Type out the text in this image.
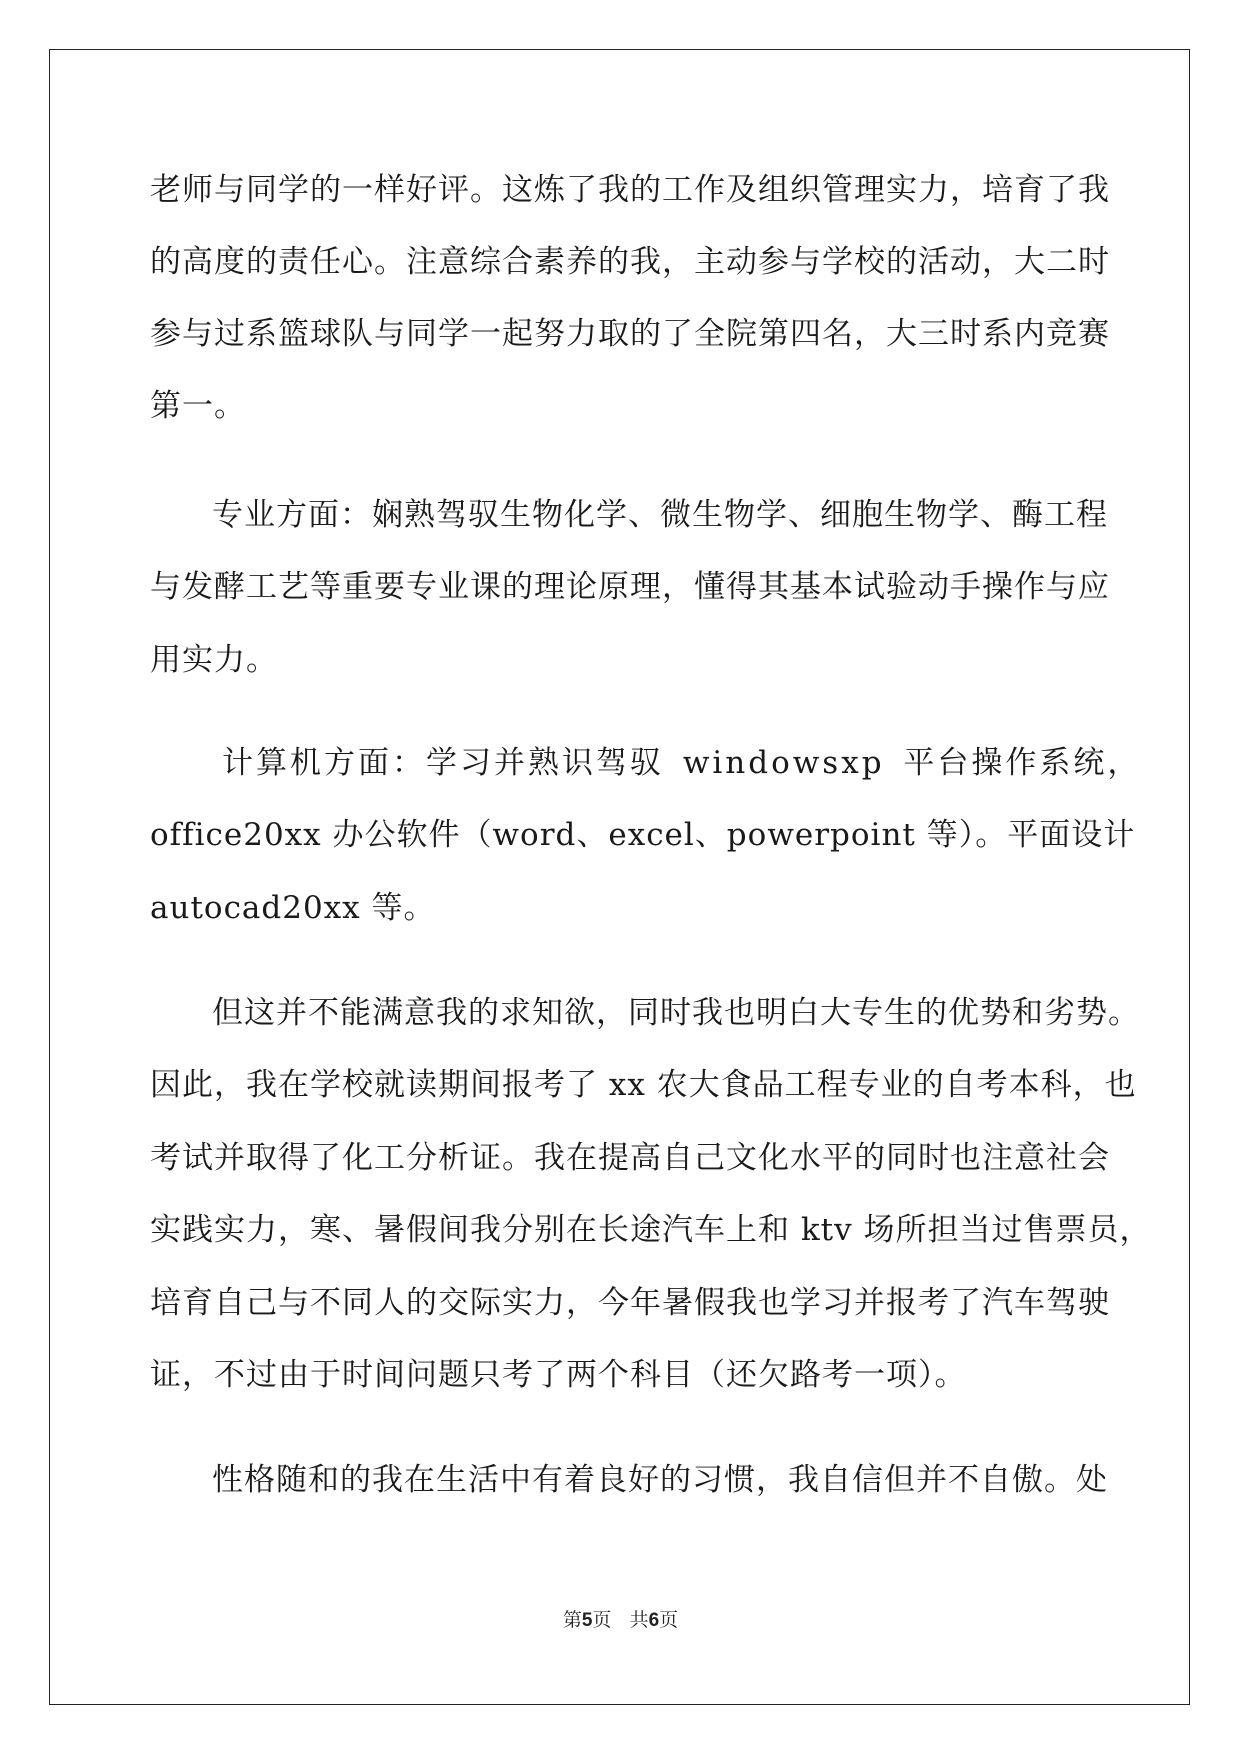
老师与同学的一样好评。这炼了我的工作及组织管理实力，培育了我
的高度的责任心。注意综合素养的我，主动参与学校的活动，大二时
参与过系篮球队与同学一起努力取的了全院第四名，大三时系内竞赛
第一。
专业方面：娴熟驾驭生物化学、微生物学、细胞生物学、酶工程
与发酵工艺等重要专业课的理论原理，懂得其基本试验动手操作与应
用实力。
计算机方面：学习并熟识驾驭 windowsxp 平台操作系统，
office20xx 办公软件（word、excel、powerpoint 等）。平面设计
autocad20xx 等。
但这并不能满意我的求知欲，同时我也明白大专生的优势和劣势。
因此，我在学校就读期间报考了 xx 农大食品工程专业的自考本科，也
考试并取得了化工分析证。我在提高自己文化水平的同时也注意社会
实践实力，寒、暑假间我分别在长途汽车上和 ktv 场所担当过售票员，
培育自己与不同人的交际实力，今年暑假我也学习并报考了汽车驾驶
证，不过由于时间问题只考了两个科目（还欠路考一项）。
性格随和的我在生活中有着良好的习惯，我自信但并不自傲。处
第5页 共6页
